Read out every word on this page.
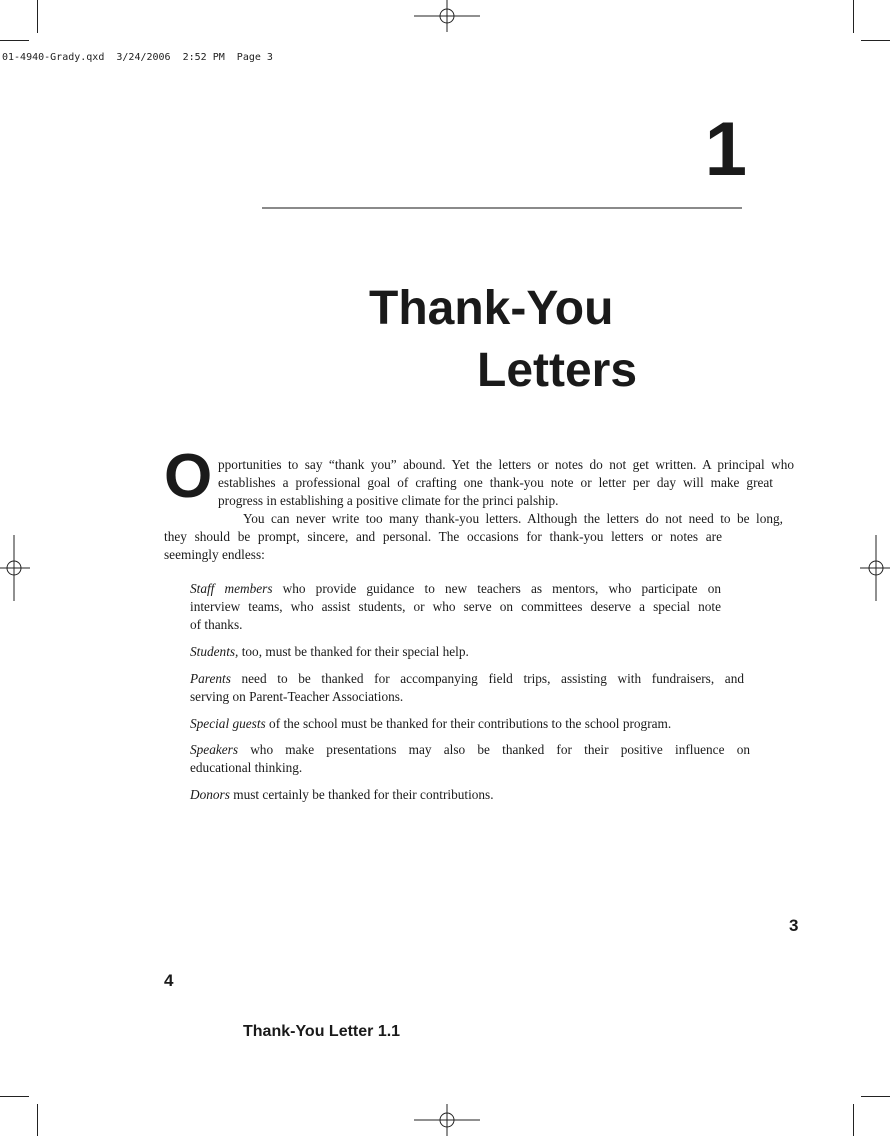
01-4940-Grady.qxd  3/24/2006  2:52 PM  Page 3
1
Thank-You
Letters
O pportunities to say “thank you” abound. Yet the letters or notes do not get written. A principal who
establishes a professional goal of crafting one thank-you note or letter per day will make great
progress in establishing a positive climate for the princi palship.
You can never write too many thank-you letters. Although the letters do not need to be long,
they should be prompt, sincere, and personal. The occasions for thank-you letters or notes are
seemingly endless:
Staff members who provide guidance to new teachers as mentors, who participate on
interview teams, who assist students, or who serve on committees deserve a special note
of thanks.
Students, too, must be thanked for their special help.
Parents need to be thanked for accompanying field trips, assisting with fundraisers, and
serving on Parent-Teacher Associations.
Special guests of the school must be thanked for their contributions to the school program.
Speakers who make presentations may also be thanked for their positive influence on
educational thinking.
Donors must certainly be thanked for their contributions.
3
4
Thank-You Letter 1.1
